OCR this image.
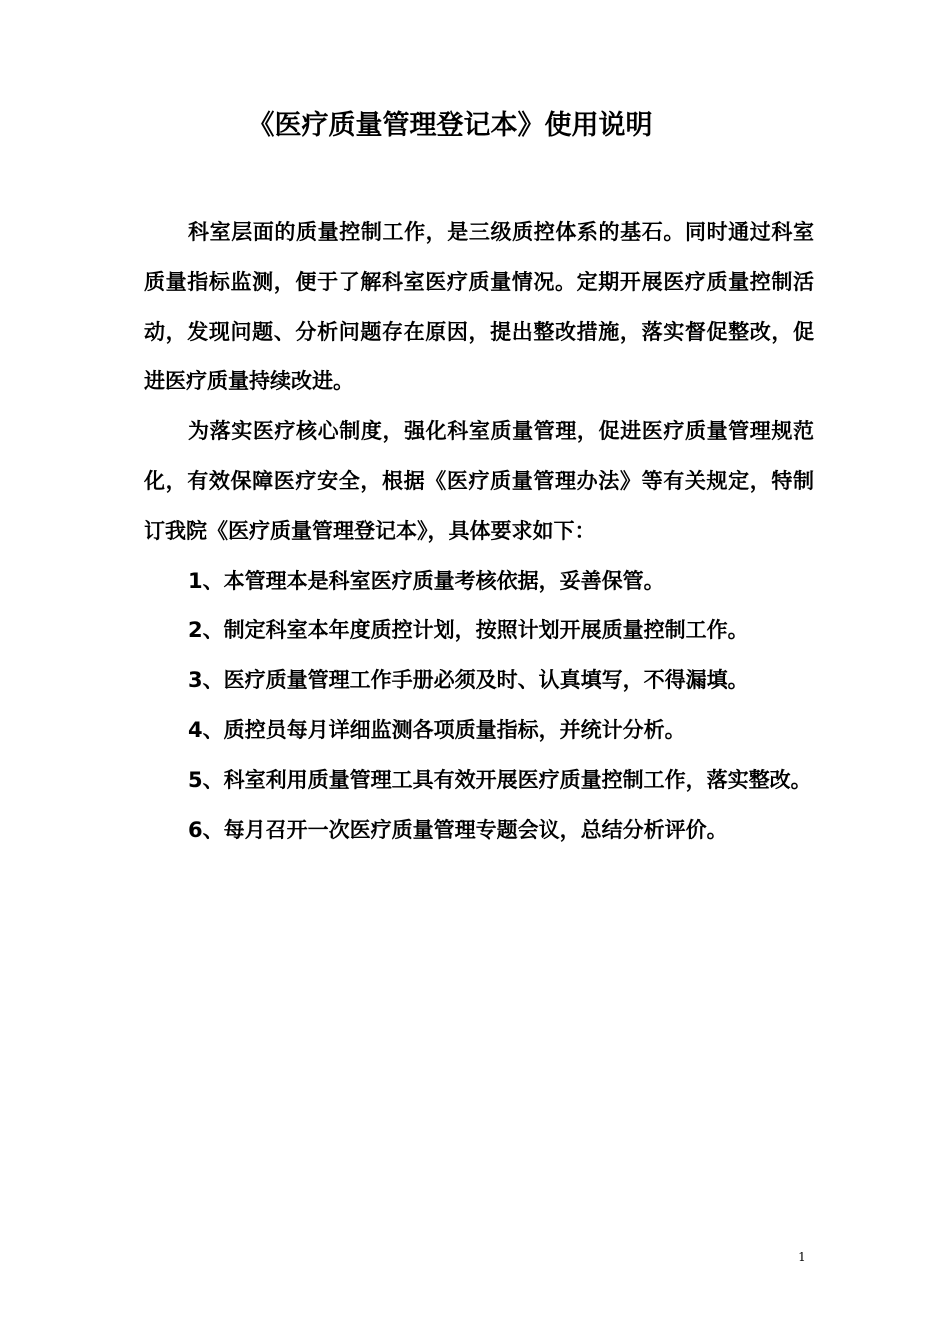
《医疗质量管理登记本》使用说明

科室层面的质量控制工作，是三级质控体系的基石。同时通过科室质量指标监测，便于了解科室医疗质量情况。定期开展医疗质量控制活动，发现问题、分析问题存在原因，提出整改措施，落实督促整改，促进医疗质量持续改进。

为落实医疗核心制度，强化科室质量管理，促进医疗质量管理规范化，有效保障医疗安全，根据《医疗质量管理办法》等有关规定，特制订我院《医疗质量管理登记本》，具体要求如下：

1、本管理本是科室医疗质量考核依据，妥善保管。

2、制定科室本年度质控计划，按照计划开展质量控制工作。

3、医疗质量管理工作手册必须及时、认真填写，不得漏填。

4、质控员每月详细监测各项质量指标，并统计分析。

5、科室利用质量管理工具有效开展医疗质量控制工作，落实整改。

6、每月召开一次医疗质量管理专题会议，总结分析评价。

1
